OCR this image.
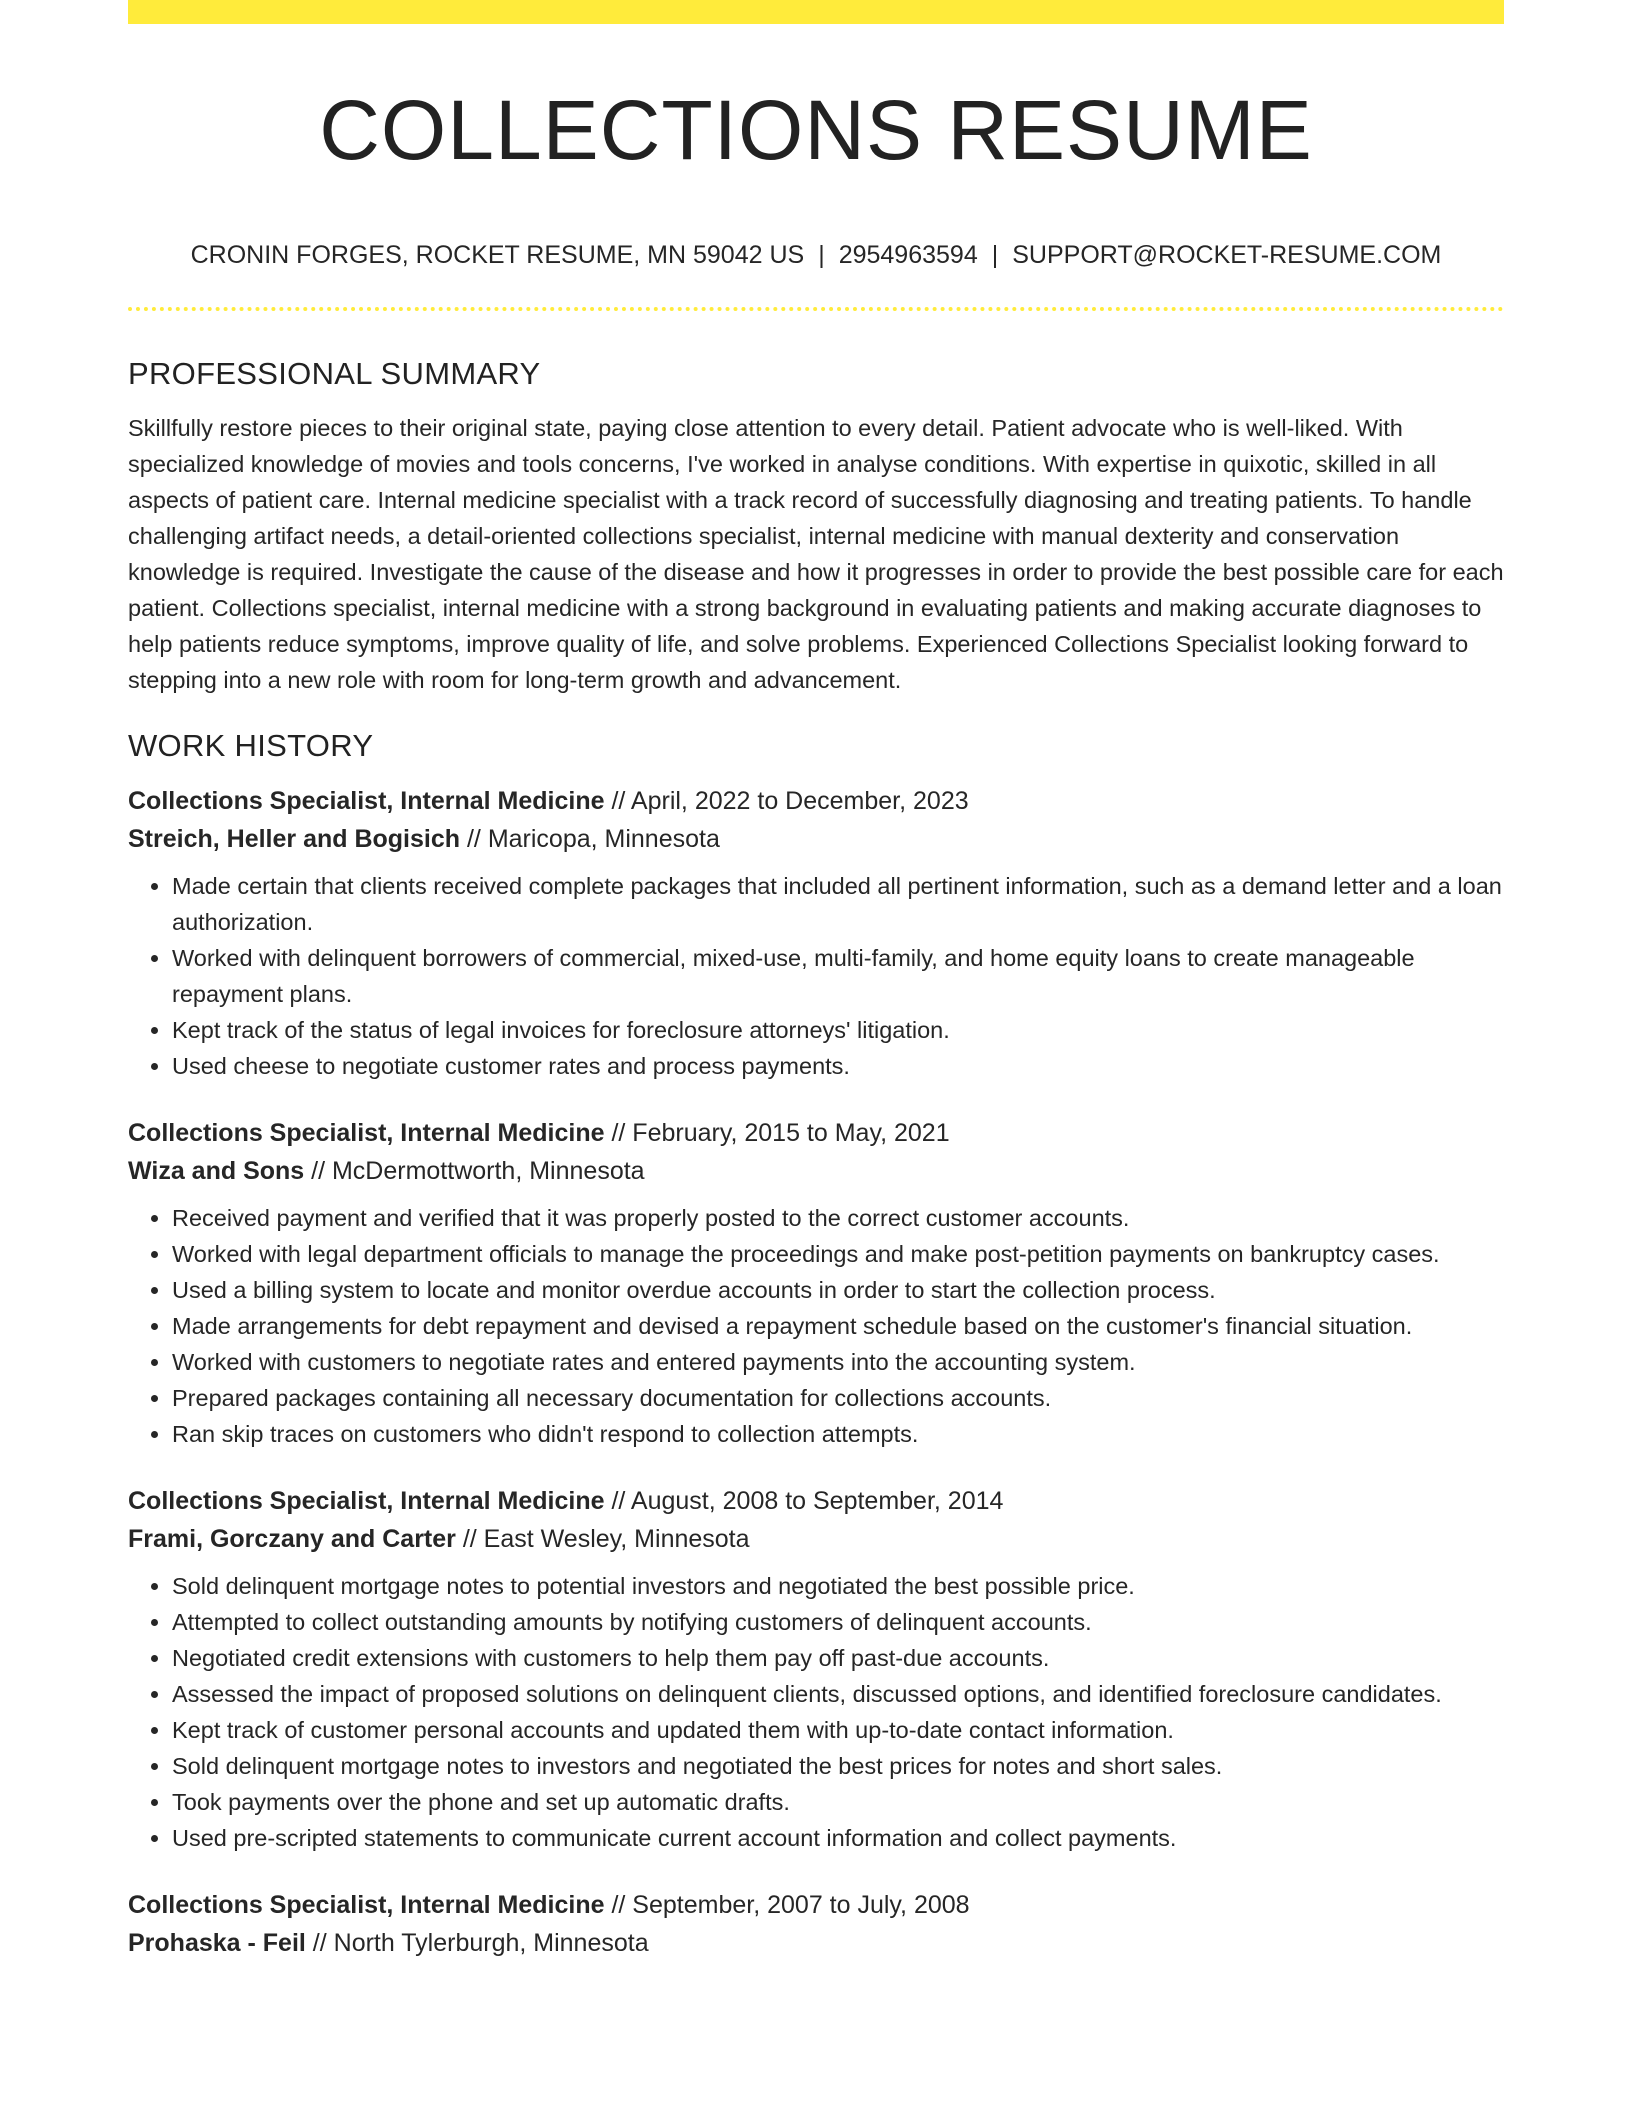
COLLECTIONS RESUME
CRONIN FORGES, ROCKET RESUME, MN 59042 US | 2954963594 | SUPPORT@ROCKET-RESUME.COM
PROFESSIONAL SUMMARY

Skillfully restore pieces to their original state, paying close attention to every detail. Patient advocate who is well-liked. With specialized knowledge of movies and tools concerns, I've worked in analyse conditions. With expertise in quixotic, skilled in all aspects of patient care. Internal medicine specialist with a track record of successfully diagnosing and treating patients. To handle challenging artifact needs, a detail-oriented collections specialist, internal medicine with manual dexterity and conservation knowledge is required. Investigate the cause of the disease and how it progresses in order to provide the best possible care for each patient. Collections specialist, internal medicine with a strong background in evaluating patients and making accurate diagnoses to help patients reduce symptoms, improve quality of life, and solve problems. Experienced Collections Specialist looking forward to stepping into a new role with room for long-term growth and advancement.

WORK HISTORY
Collections Specialist, Internal Medicine // April, 2022 to December, 2023
Streich, Heller and Bogisich // Maricopa, Minnesota
• Made certain that clients received complete packages that included all pertinent information, such as a demand letter and a loan authorization.
• Worked with delinquent borrowers of commercial, mixed-use, multi-family, and home equity loans to create manageable repayment plans.
• Kept track of the status of legal invoices for foreclosure attorneys' litigation.
• Used cheese to negotiate customer rates and process payments.
Collections Specialist, Internal Medicine // February, 2015 to May, 2021
Wiza and Sons // McDermottworth, Minnesota
• Received payment and verified that it was properly posted to the correct customer accounts.
• Worked with legal department officials to manage the proceedings and make post-petition payments on bankruptcy cases.
• Used a billing system to locate and monitor overdue accounts in order to start the collection process.
• Made arrangements for debt repayment and devised a repayment schedule based on the customer's financial situation.
• Worked with customers to negotiate rates and entered payments into the accounting system.
• Prepared packages containing all necessary documentation for collections accounts.
• Ran skip traces on customers who didn't respond to collection attempts.
Collections Specialist, Internal Medicine // August, 2008 to September, 2014
Frami, Gorczany and Carter // East Wesley, Minnesota
• Sold delinquent mortgage notes to potential investors and negotiated the best possible price.
• Attempted to collect outstanding amounts by notifying customers of delinquent accounts.
• Negotiated credit extensions with customers to help them pay off past-due accounts.
• Assessed the impact of proposed solutions on delinquent clients, discussed options, and identified foreclosure candidates.
• Kept track of customer personal accounts and updated them with up-to-date contact information.
• Sold delinquent mortgage notes to investors and negotiated the best prices for notes and short sales.
• Took payments over the phone and set up automatic drafts.
• Used pre-scripted statements to communicate current account information and collect payments.
Collections Specialist, Internal Medicine // September, 2007 to July, 2008
Prohaska - Feil // North Tylerburgh, Minnesota
